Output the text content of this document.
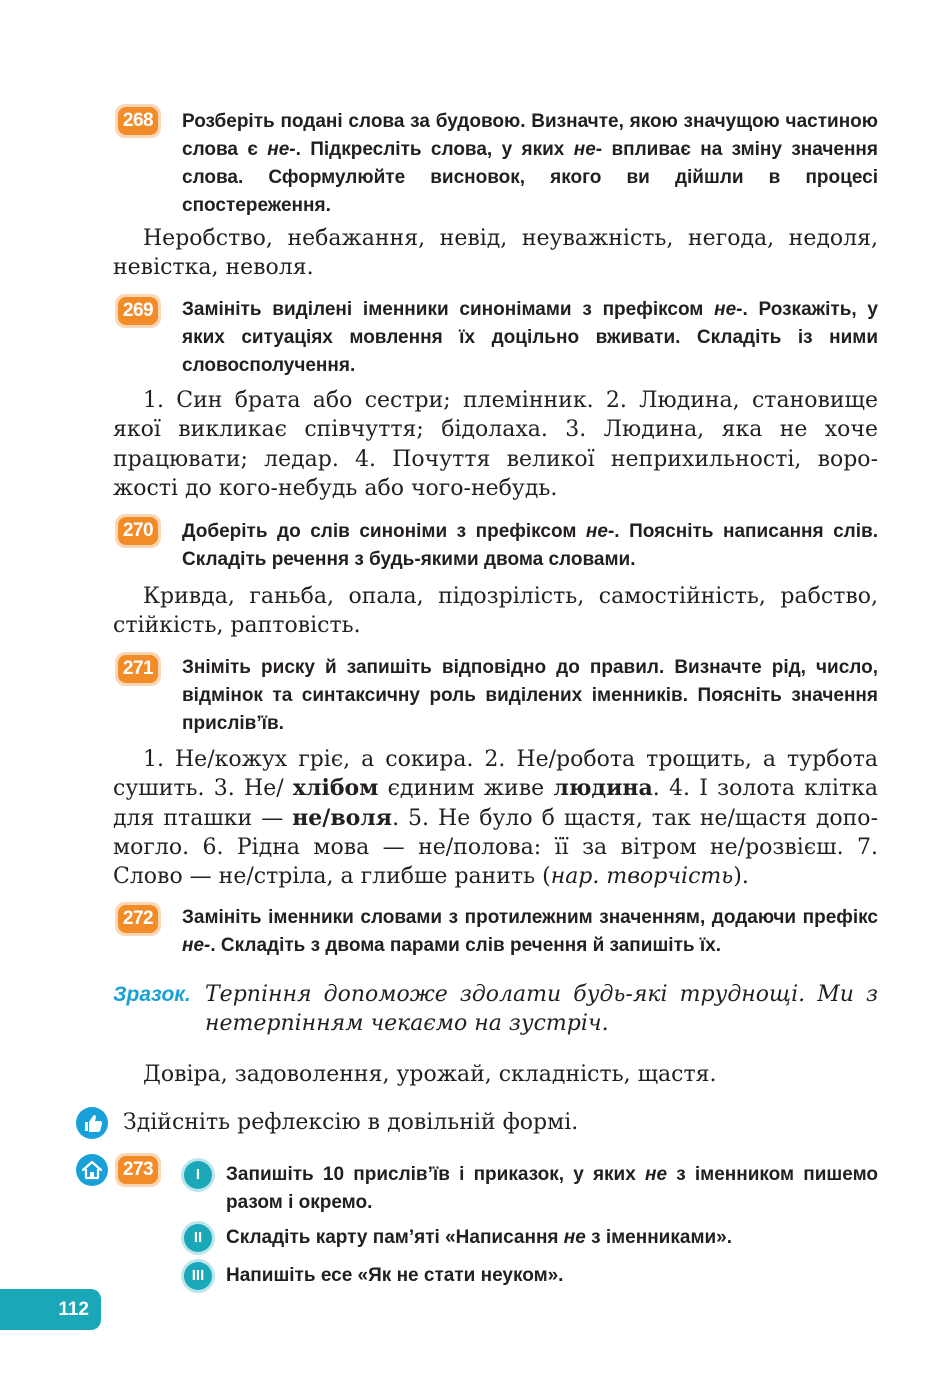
268 Розберіть подані слова за будовою. Визначте, якою значущою частиною слова є не-. Підкресліть слова, у яких не- впливає на зміну значення слова. Сформулюйте висновок, якого ви дійшли в процесі спостереження.
Неробство, небажання, невід, неуважність, негода, недоля, невістка, неволя.
269 Замініть виділені іменники синонімами з префіксом не-. Розкажіть, у яких ситуаціях мовлення їх доцільно вживати. Складіть із ними словосполучення.
1. Син брата або сестри; племінник. 2. Людина, становище якої викликає співчуття; бідолаха. 3. Людина, яка не хоче працювати; ледар. 4. Почуття великої неприхильності, ворожості до кого-небудь або чого-небудь.
270 Доберіть до слів синоніми з префіксом не-. Поясніть написання слів. Складіть речення з будь-якими двома словами.
Кривда, ганьба, опала, підозрілість, самостійність, рабство, стійкість, раптовість.
271 Зніміть риску й запишіть відповідно до правил. Визначте рід, число, відмінок та синтаксичну роль виділених іменників. Поясніть значення прислів’їв.
1. Не/кожух гріє, а сокира. 2. Не/робота трощить, а турбота сушить. 3. Не/ хлібом єдиним живе людина. 4. І золота клітка для пташки — не/воля. 5. Не було б щастя, так не/щастя допомогло. 6. Рідна мова — не/полова: її за вітром не/розвієш. 7. Слово — не/стріла, а глибше ранить (нар. творчість).
272 Замініть іменники словами з протилежним значенням, додаючи префікс не-. Складіть з двома парами слів речення й запишіть їх.
Зразок. Терпіння допоможе здолати будь-які труднощі. Ми з нетерпінням чекаємо на зустріч.
Довіра, задоволення, урожай, складність, щастя.
Здійсніть рефлексію в довільній формі.
273	I	Запишіть 10 прислів’їв і приказок, у яких не з іменником пишемо разом і окремо.
II	Складіть карту пам’яті «Написання не з іменниками».
III	Напишіть есе «Як не стати неуком».
112
